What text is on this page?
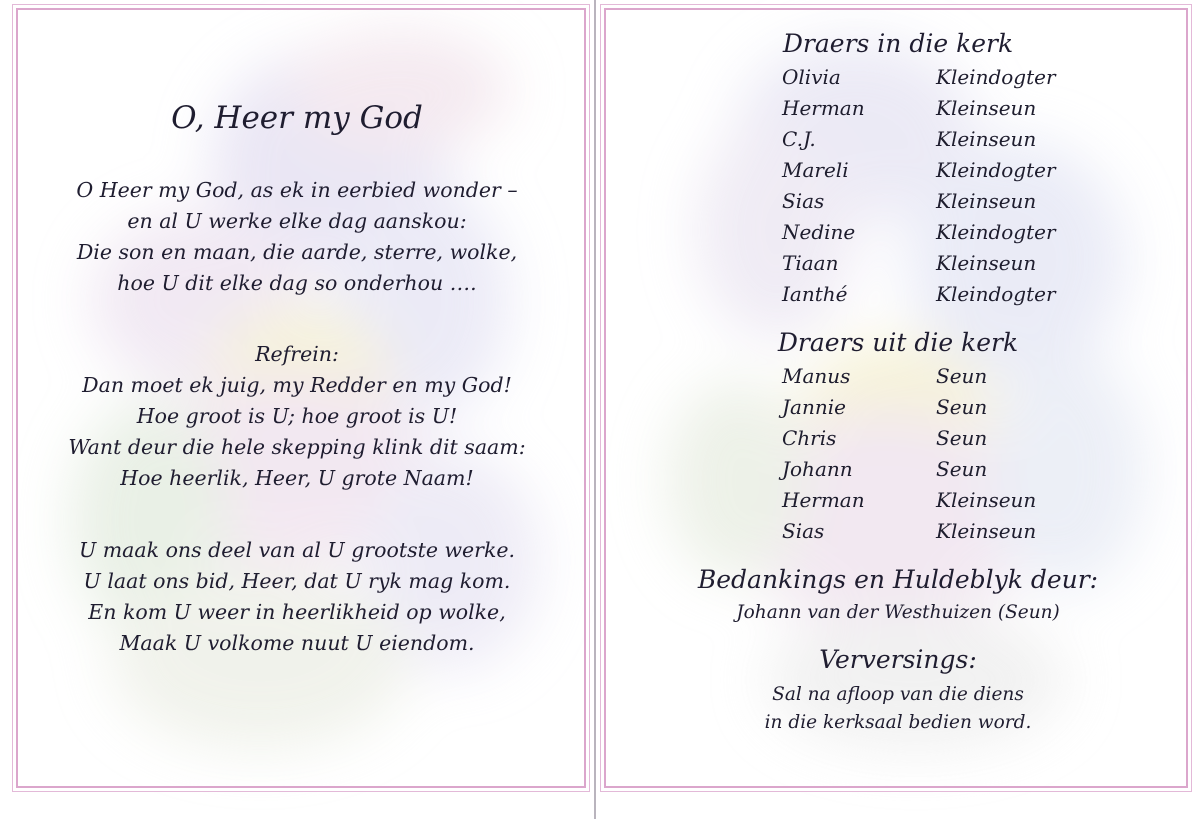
O, Heer my God
O Heer my God, as ek in eerbied wonder –
en al U werke elke dag aanskou:
Die son en maan, die aarde, sterre, wolke,
hoe U dit elke dag so onderhou ….
Refrein:
Dan moet ek juig, my Redder en my God!
Hoe groot is U; hoe groot is U!
Want deur die hele skepping klink dit saam:
Hoe heerlik, Heer, U grote Naam!
U maak ons deel van al U grootste werke.
U laat ons bid, Heer, dat U ryk mag kom.
En kom U weer in heerlikheid op wolke,
Maak U volkome nuut U eiendom.
Draers in die kerk
Olivia	Kleindogter
Herman	Kleinseun
C.J.	Kleinseun
Mareli	Kleindogter
Sias	Kleinseun
Nedine	Kleindogter
Tiaan	Kleinseun
Ianthé	Kleindogter
Draers uit die kerk
Manus	Seun
Jannie	Seun
Chris	Seun
Johann	Seun
Herman	Kleinseun
Sias	Kleinseun
Bedankings en Huldeblyk deur:
Johann van der Westhuizen (Seun)
Verversings:
Sal na afloop van die diens
in die kerksaal bedien word.
